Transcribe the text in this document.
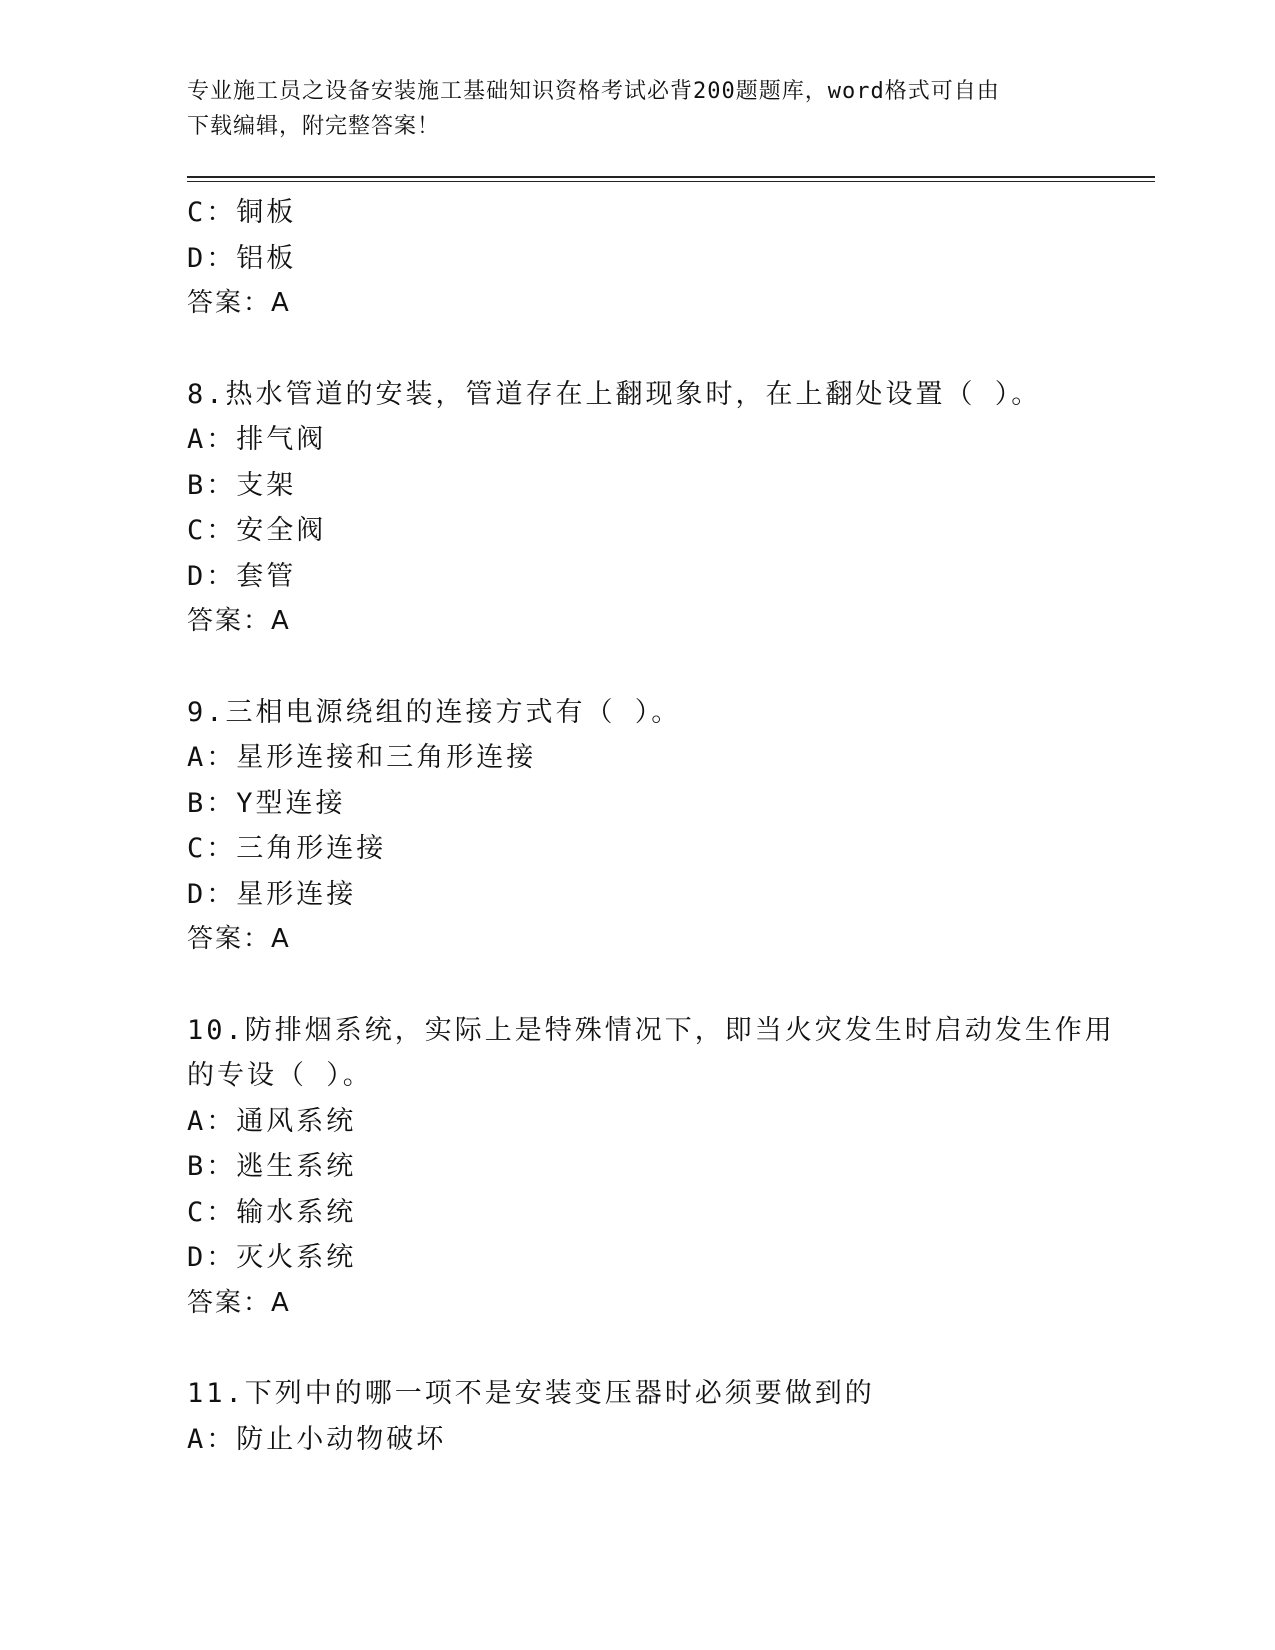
专业施工员之设备安装施工基础知识资格考试必背200题题库，word格式可自由
下载编辑，附完整答案！
C：铜板
D：铝板
答案：A
8.热水管道的安装，管道存在上翻现象时，在上翻处设置（ ）。
A：排气阀
B：支架
C：安全阀
D：套管
答案：A
9.三相电源绕组的连接方式有（ ）。
A：星形连接和三角形连接
B：Y型连接
C：三角形连接
D：星形连接
答案：A
10.防排烟系统，实际上是特殊情况下，即当火灾发生时启动发生作用
的专设（ ）。
A：通风系统
B：逃生系统
C：输水系统
D：灭火系统
答案：A
11.下列中的哪一项不是安装变压器时必须要做到的
A：防止小动物破坏
